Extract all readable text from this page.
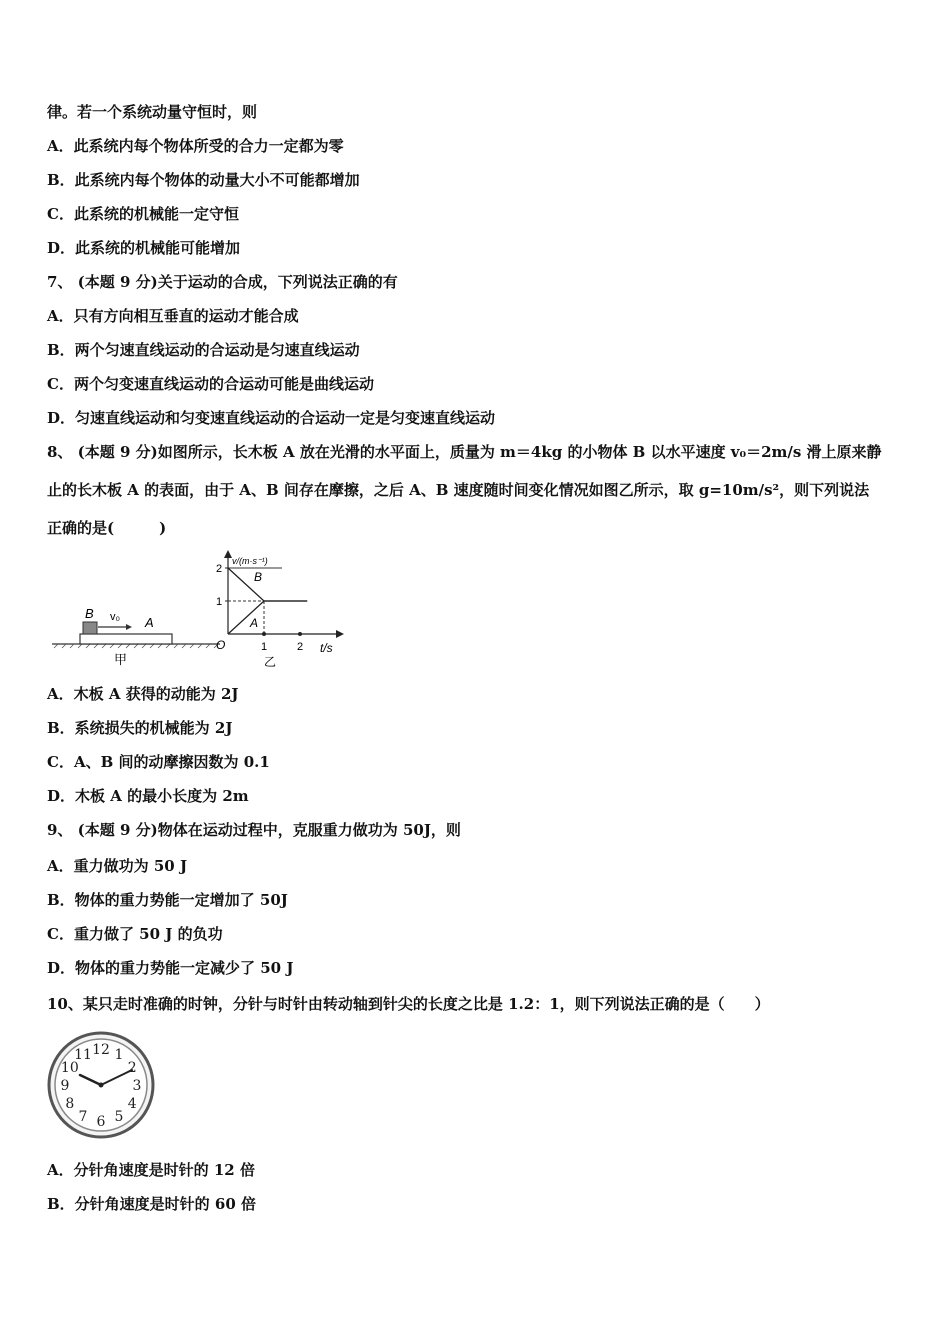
律。若一个系统动量守恒时，则
A．此系统内每个物体所受的合力一定都为零
B．此系统内每个物体的动量大小不可能都增加
C．此系统的机械能一定守恒
D．此系统的机械能可能增加
7、 (本题 9 分)关于运动的合成，下列说法正确的有
A．只有方向相互垂直的运动才能合成
B．两个匀速直线运动的合运动是匀速直线运动
C．两个匀变速直线运动的合运动可能是曲线运动
D．匀速直线运动和匀变速直线运动的合运动一定是匀变速直线运动
8、 (本题 9 分)如图所示，长木板 A 放在光滑的水平面上，质量为 m＝4kg 的小物体 B 以水平速度 v₀＝2m/s 滑上原来静
止的长木板 A 的表面，由于 A、B 间存在摩擦，之后 A、B 速度随时间变化情况如图乙所示，取 g=10m/s²，则下列说法
正确的是(　　　)
B v₀ A
甲
v/(m·s⁻¹)
t/s
O
2
1
1	2
B
A
乙
A．木板 A 获得的动能为 2J
B．系统损失的机械能为 2J
C．A、B 间的动摩擦因数为 0.1
D．木板 A 的最小长度为 2m
9、 (本题 9 分)物体在运动过程中，克服重力做功为 50J，则
A．重力做功为 50 J
B．物体的重力势能一定增加了 50J
C．重力做了 50 J 的负功
D．物体的重力势能一定减少了 50 J
10、某只走时准确的时钟，分针与时针由转动轴到针尖的长度之比是 1.2：1，则下列说法正确的是（　　）
12 1
2
3
4
5
6
7
8
9
10
11
A．分针角速度是时针的 12 倍
B．分针角速度是时针的 60 倍
